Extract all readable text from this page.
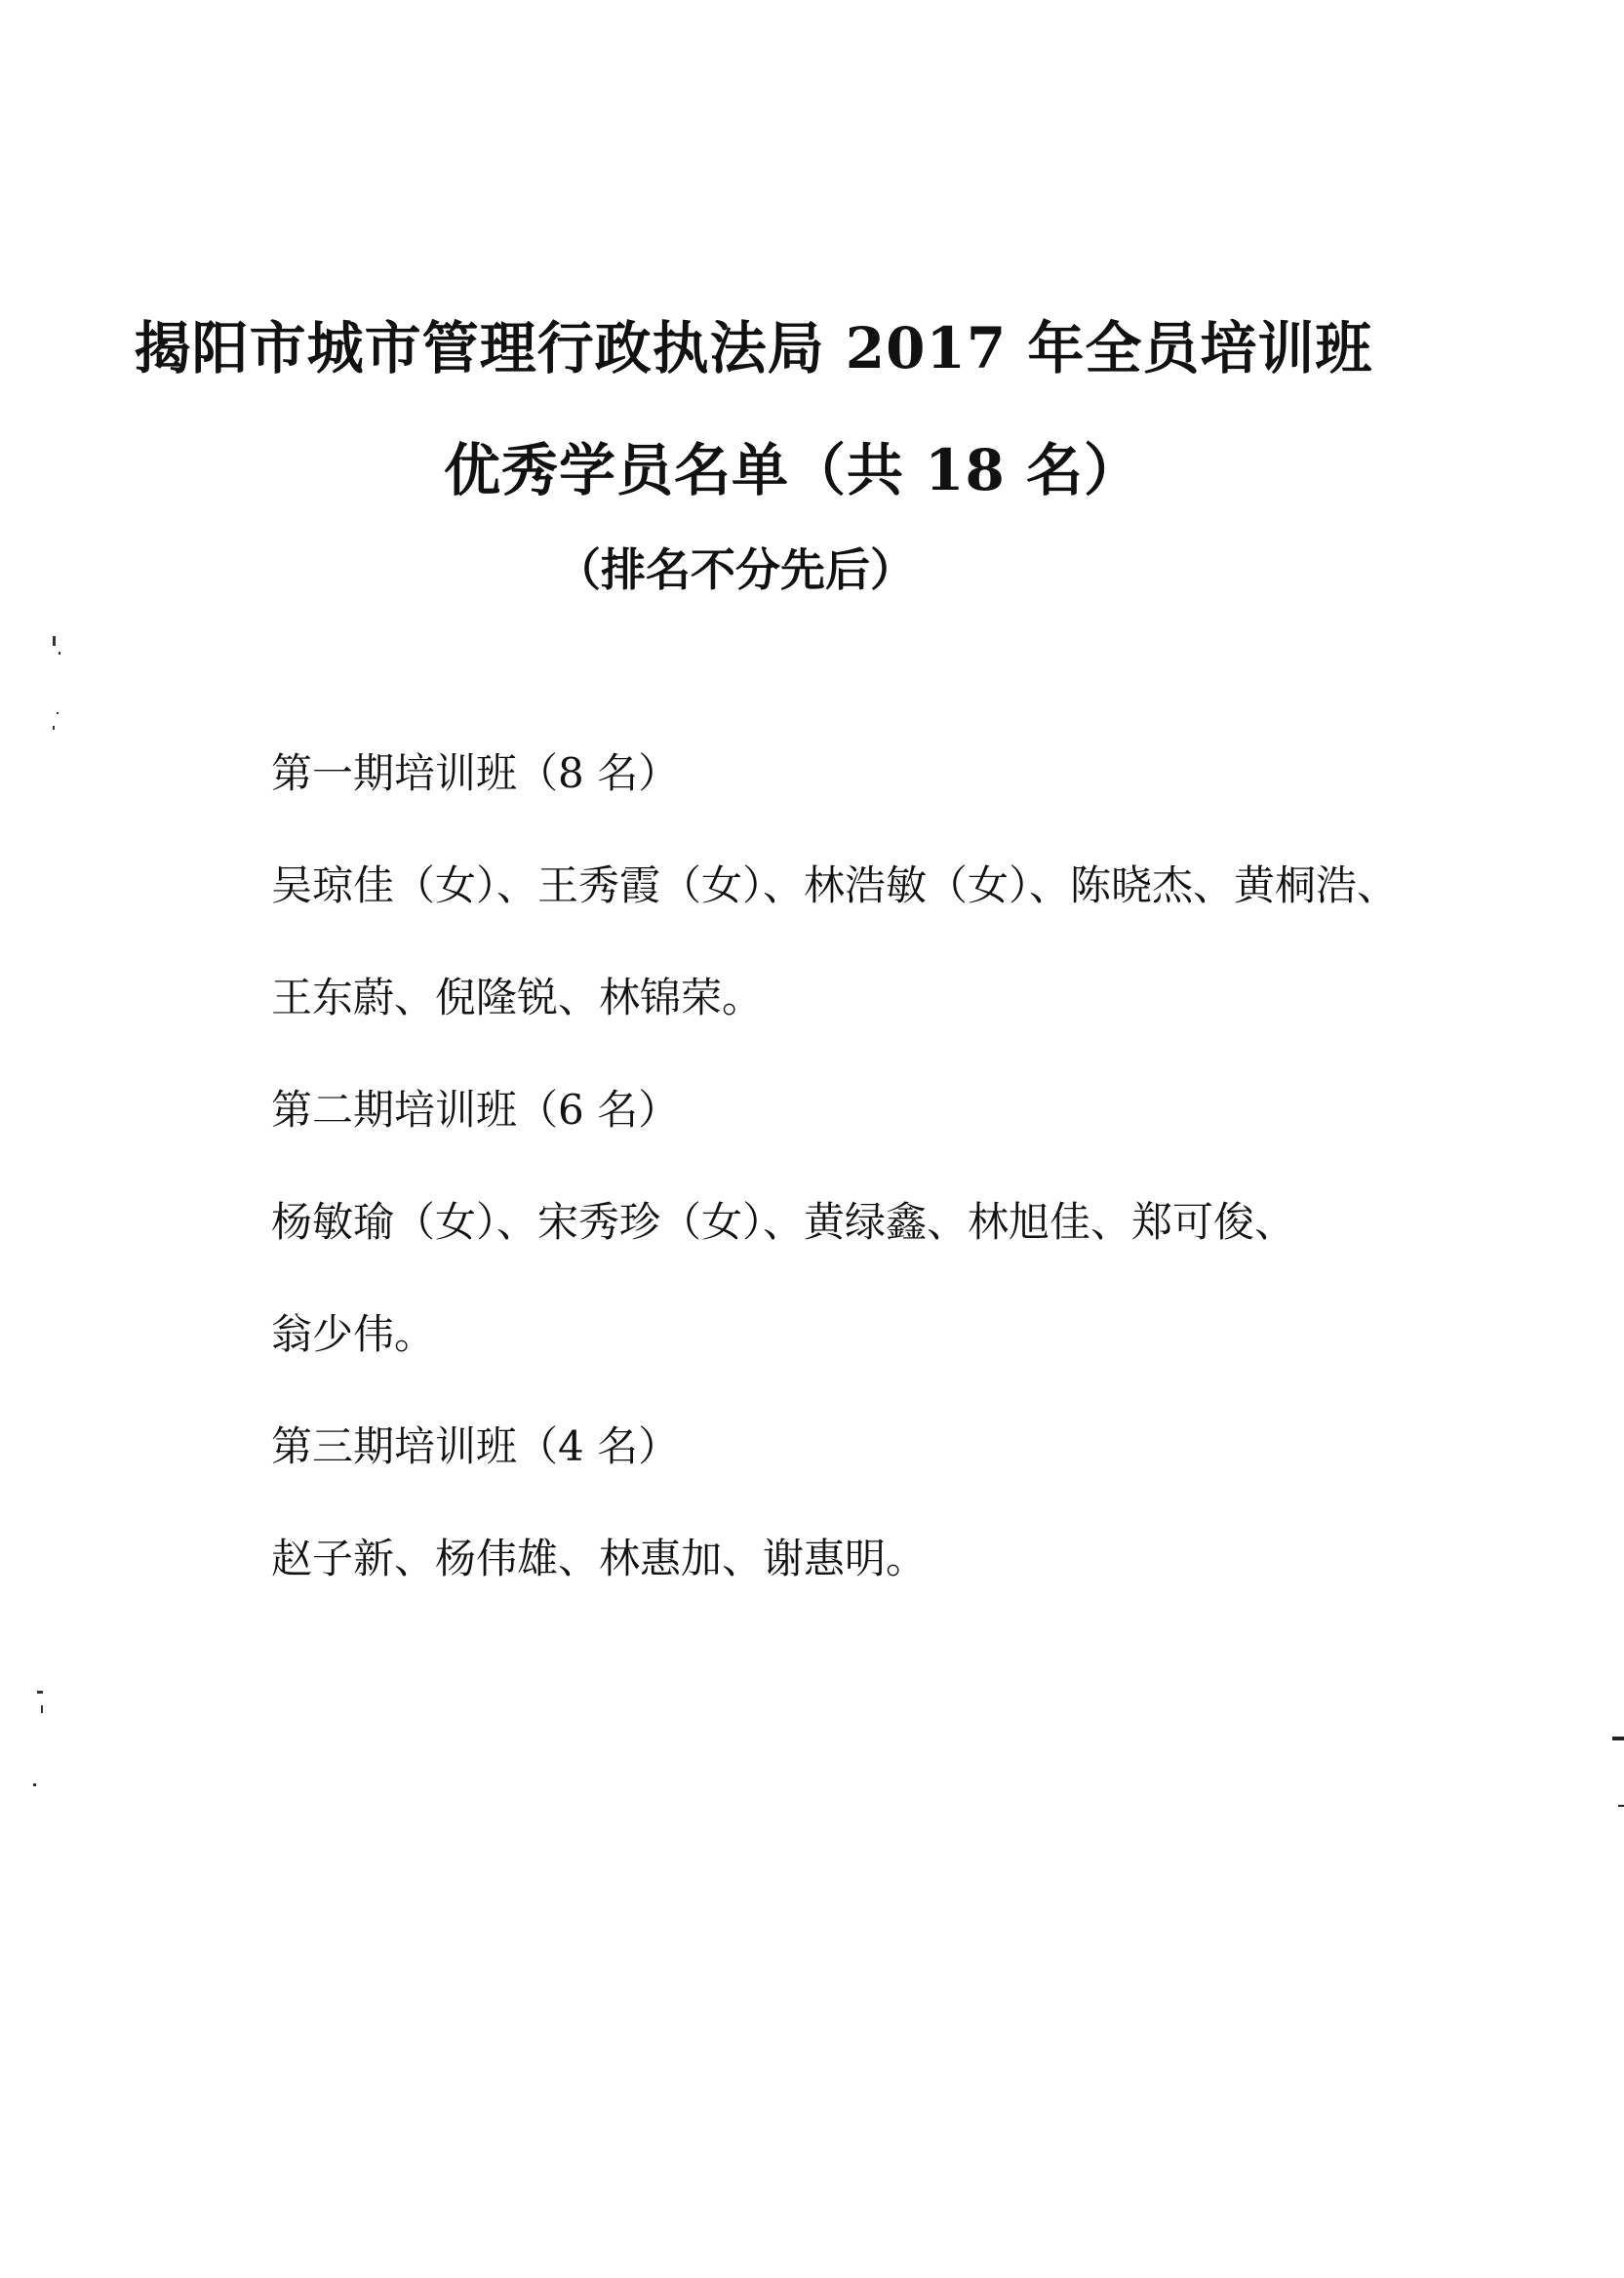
揭阳市城市管理行政执法局 2017 年全员培训班
优秀学员名单（共 18 名）
（排名不分先后）
第一期培训班（8 名）
吴琼佳（女）、王秀霞（女）、林浩敏（女）、陈晓杰、黄桐浩、
王东蔚、倪隆锐、林锦荣。
第二期培训班（6 名）
杨敏瑜（女）、宋秀珍（女）、黄绿鑫、林旭佳、郑可俊、
翁少伟。
第三期培训班（4 名）
赵子新、杨伟雄、林惠加、谢惠明。
